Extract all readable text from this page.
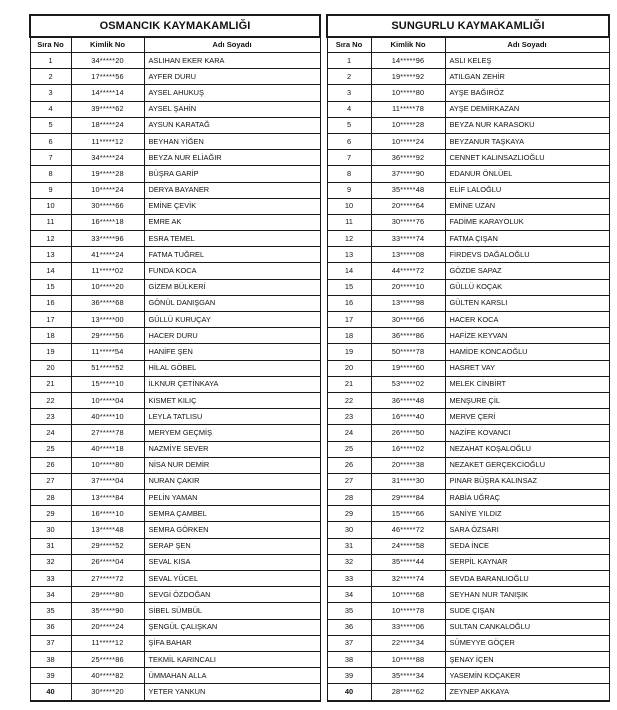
OSMANCIK KAYMAKAMLIĞI		
Sıra No	Kimlik No	Adı Soyadı
1	34*****20	ASLIHAN EKER KARA
2	17*****56	AYFER DURU
3	14*****14	AYSEL AHUKUŞ
4	39*****62	AYSEL ŞAHİN
5	18*****24	AYSUN KARATAĞ
6	11*****12	BEYHAN YİĞEN
7	34*****24	BEYZA NUR ELİAĞIR
8	19*****28	BÜŞRA GARİP
9	10*****24	DERYA BAYANER
10	30*****66	EMİNE ÇEVİK
11	16*****18	EMRE AK
12	33*****96	ESRA TEMEL
13	41*****24	FATMA TUĞREL
14	11*****02	FUNDA KOCA
15	10*****20	GİZEM BÜLKERİ
16	36*****68	GÖNÜL DANIŞGAN
17	13*****00	GÜLLÜ KURUÇAY
18	29*****56	HACER DURU
19	11*****54	HANİFE ŞEN
20	51*****52	HİLAL GÖBEL
21	15*****10	İLKNUR ÇETİNKAYA
22	10*****04	KISMET KILIÇ
23	40*****10	LEYLA TATLISU
24	27*****78	MERYEM GEÇMİŞ
25	40*****18	NAZMİYE SEVER
26	10*****80	NİSA NUR DEMİR
27	37*****04	NURAN ÇAKIR
28	13*****84	PELİN YAMAN
29	16*****10	SEMRA ÇAMBEL
30	13*****48	SEMRA GÖRKEN
31	29*****52	SERAP ŞEN
32	26*****04	SEVAL KISA
33	27*****72	SEVAL YÜCEL
34	29*****80	SEVGİ ÖZDOĞAN
35	35*****90	SİBEL SÜMBÜL
36	20*****24	ŞENGÜL ÇALIŞKAN
37	11*****12	ŞİFA BAHAR
38	25*****86	TEKMİL KARINCALI
39	40*****82	ÜMMAHAN ALLA
40	30*****20	YETER YANKUN
SUNGURLU KAYMAKAMLIĞI		
Sıra No	Kimlik No	Adı Soyadı
1	14*****96	ASLI KELEŞ
2	19*****92	ATILGAN ZEHİR
3	10*****80	AYŞE BAĞIRÖZ
4	11*****78	AYŞE DEMİRKAZAN
5	10*****28	BEYZA NUR KARASOKU
6	10*****24	BEYZANUR TAŞKAYA
7	36*****92	CENNET KALINSAZLIOĞLU
8	37*****90	EDANUR ÖNLÜEL
9	35*****48	ELİF LALOĞLU
10	20*****64	EMİNE UZAN
11	30*****76	FADİME KARAYOLUK
12	33*****74	FATMA ÇIŞAN
13	13*****08	FİRDEVS DAĞALOĞLU
14	44*****72	GÖZDE SAPAZ
15	20*****10	GÜLLÜ KOÇAK
16	13*****98	GÜLTEN KARSLI
17	30*****66	HACER KOCA
18	36*****86	HAFİZE KEYVAN
19	50*****78	HAMİDE KONCAOĞLU
20	19*****60	HASRET VAY
21	53*****02	MELEK CİNBİRT
22	36*****48	MENŞURE ÇİL
23	16*****40	MERVE ÇERİ
24	26*****50	NAZİFE KOVANCI
25	16*****02	NEZAHAT KOŞALOĞLU
26	20*****38	NEZAKET GERÇEKCİOĞLU
27	31*****30	PINAR BÜŞRA KALINSAZ
28	29*****84	RABİA UĞRAÇ
29	15*****66	SANİYE YILDIZ
30	46*****72	SARA ÖZSARI
31	24*****58	SEDA İNCE
32	35*****44	SERPİL KAYNAR
33	32*****74	SEVDA BARANLIOĞLU
34	10*****68	SEYHAN NUR TANIŞIK
35	10*****78	SUDE ÇIŞAN
36	33*****06	SULTAN CANKALOĞLU
37	22*****34	SÜMEYYE GÖÇER
38	10*****88	ŞENAY İÇEN
39	35*****34	YASEMİN KOÇAKER
40	28*****62	ZEYNEP AKKAYA
